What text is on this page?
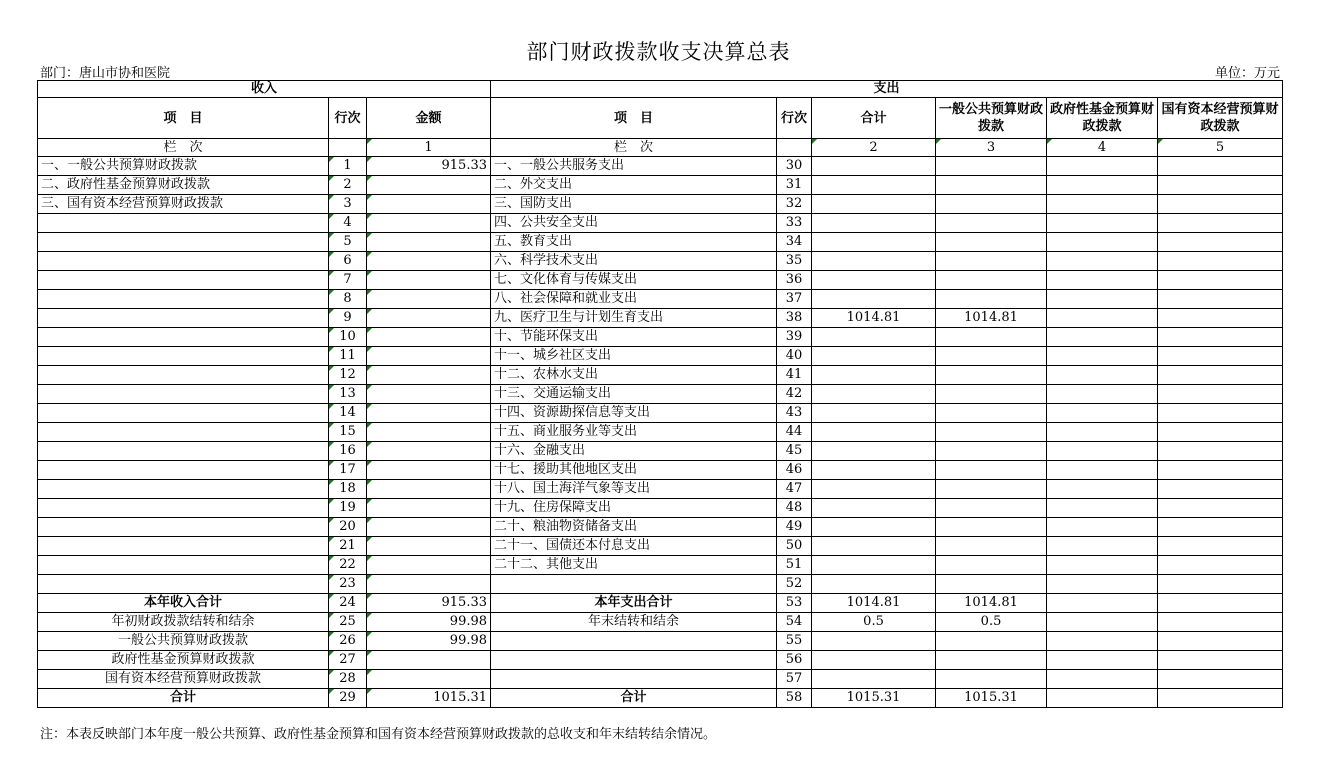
部门财政拨款收支决算总表
部门：唐山市协和医院	单位：万元
收入			支出					
项　目	行次	金额	项　目	行次	合计	一般公共预算财政拨款	政府性基金预算财政拨款	国有资本经营预算财政拨款
栏　次		1	栏　次		2	3	4	5
一、一般公共预算财政拨款	1	915.33	一、一般公共服务支出	30				
二、政府性基金预算财政拨款	2		二、外交支出	31				
三、国有资本经营预算财政拨款	3		三、国防支出	32				
	4		四、公共安全支出	33				
	5		五、教育支出	34				
	6		六、科学技术支出	35				
	7		七、文化体育与传媒支出	36				
	8		八、社会保障和就业支出	37				
	9		九、医疗卫生与计划生育支出	38	1014.81	1014.81		
	10		十、节能环保支出	39				
	11		十一、城乡社区支出	40				
	12		十二、农林水支出	41				
	13		十三、交通运输支出	42				
	14		十四、资源勘探信息等支出	43				
	15		十五、商业服务业等支出	44				
	16		十六、金融支出	45				
	17		十七、援助其他地区支出	46				
	18		十八、国土海洋气象等支出	47				
	19		十九、住房保障支出	48				
	20		二十、粮油物资储备支出	49				
	21		二十一、国债还本付息支出	50				
	22		二十二、其他支出	51				
	23			52				
本年收入合计	24	915.33	本年支出合计	53	1014.81	1014.81		
年初财政拨款结转和结余	25	99.98	年末结转和结余	54	0.5	0.5		
一般公共预算财政拨款	26	99.98		55				
政府性基金预算财政拨款	27			56				
国有资本经营预算财政拨款	28			57				
合计	29	1015.31	合计	58	1015.31	1015.31		
注：本表反映部门本年度一般公共预算、政府性基金预算和国有资本经营预算财政拨款的总收支和年末结转结余情况。
